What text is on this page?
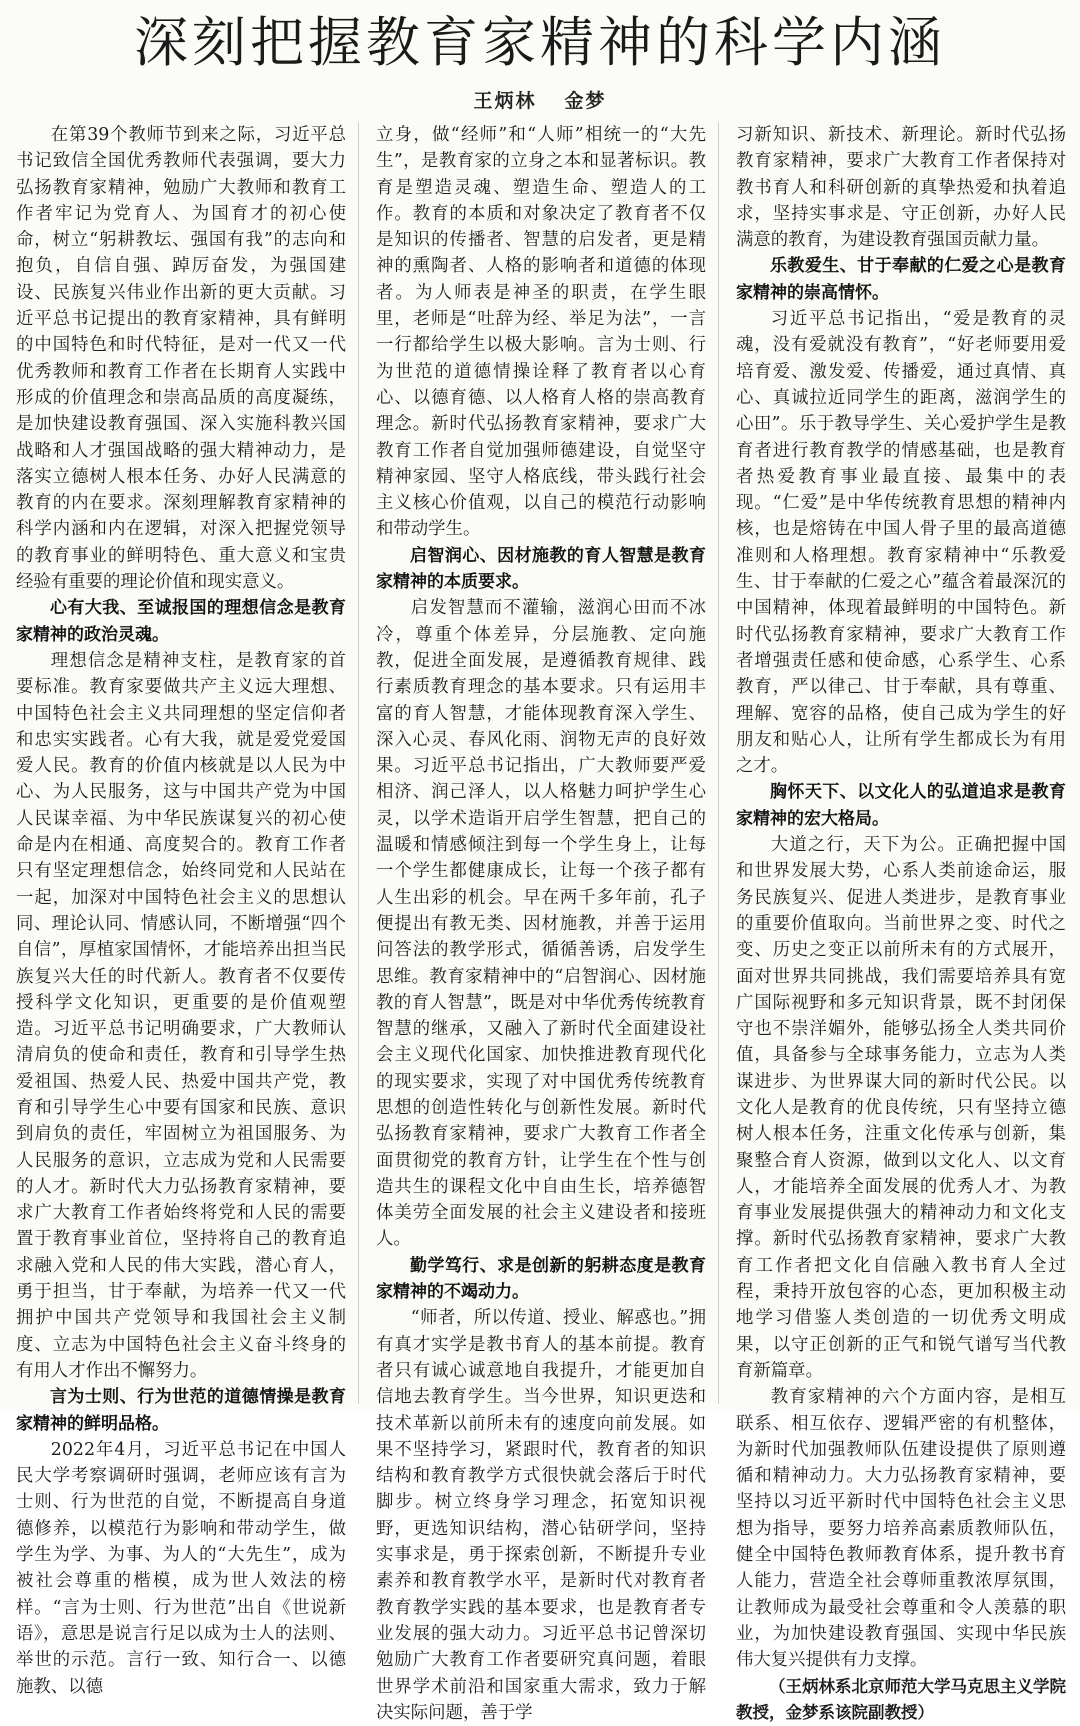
深刻把握教育家精神的科学内涵
王炳林 金梦

在第39个教师节到来之际，习近平总书记致信全国优秀教师代表强调，要大力弘扬教育家精神，勉励广大教师和教育工作者牢记为党育人、为国育才的初心使命，树立“躬耕教坛、强国有我”的志向和抱负，自信自强、踔厉奋发，为强国建设、民族复兴伟业作出新的更大贡献。习近平总书记提出的教育家精神，具有鲜明的中国特色和时代特征，是对一代又一代优秀教师和教育工作者在长期育人实践中形成的价值理念和崇高品质的高度凝练，是加快建设教育强国、深入实施科教兴国战略和人才强国战略的强大精神动力，是落实立德树人根本任务、办好人民满意的教育的内在要求。深刻理解教育家精神的科学内涵和内在逻辑，对深入把握党领导的教育事业的鲜明特色、重大意义和宝贵经验有重要的理论价值和现实意义。

心有大我、至诚报国的理想信念是教育家精神的政治灵魂。

理想信念是精神支柱，是教育家的首要标准。教育家要做共产主义远大理想、中国特色社会主义共同理想的坚定信仰者和忠实实践者。心有大我，就是爱党爱国爱人民。教育的价值内核就是以人民为中心、为人民服务，这与中国共产党为中国人民谋幸福、为中华民族谋复兴的初心使命是内在相通、高度契合的。教育工作者只有坚定理想信念，始终同党和人民站在一起，加深对中国特色社会主义的思想认同、理论认同、情感认同，不断增强“四个自信”，厚植家国情怀，才能培养出担当民族复兴大任的时代新人。教育者不仅要传授科学文化知识，更重要的是价值观塑造。习近平总书记明确要求，广大教师认清肩负的使命和责任，教育和引导学生热爱祖国、热爱人民、热爱中国共产党，教育和引导学生心中要有国家和民族、意识到肩负的责任，牢固树立为祖国服务、为人民服务的意识，立志成为党和人民需要的人才。新时代大力弘扬教育家精神，要求广大教育工作者始终将党和人民的需要置于教育事业首位，坚持将自己的教育追求融入党和人民的伟大实践，潜心育人，勇于担当，甘于奉献，为培养一代又一代拥护中国共产党领导和我国社会主义制度、立志为中国特色社会主义奋斗终身的有用人才作出不懈努力。

言为士则、行为世范的道德情操是教育家精神的鲜明品格。

2022年4月，习近平总书记在中国人民大学考察调研时强调，老师应该有言为士则、行为世范的自觉，不断提高自身道德修养，以模范行为影响和带动学生，做学生为学、为事、为人的“大先生”，成为被社会尊重的楷模，成为世人效法的榜样。“言为士则、行为世范”出自《世说新语》，意思是说言行足以成为士人的法则、举世的示范。言行一致、知行合一、以德施教、以德

立身，做“经师”和“人师”相统一的“大先生”，是教育家的立身之本和显著标识。教育是塑造灵魂、塑造生命、塑造人的工作。教育的本质和对象决定了教育者不仅是知识的传播者、智慧的启发者，更是精神的熏陶者、人格的影响者和道德的体现者。为人师表是神圣的职责，在学生眼里，老师是“吐辞为经、举足为法”，一言一行都给学生以极大影响。言为士则、行为世范的道德情操诠释了教育者以心育心、以德育德、以人格育人格的崇高教育理念。新时代弘扬教育家精神，要求广大教育工作者自觉加强师德建设，自觉坚守精神家园、坚守人格底线，带头践行社会主义核心价值观，以自己的模范行动影响和带动学生。

启智润心、因材施教的育人智慧是教育家精神的本质要求。

启发智慧而不灌输，滋润心田而不冰冷，尊重个体差异，分层施教、定向施教，促进全面发展，是遵循教育规律、践行素质教育理念的基本要求。只有运用丰富的育人智慧，才能体现教育深入学生、深入心灵、春风化雨、润物无声的良好效果。习近平总书记指出，广大教师要严爱相济、润己泽人，以人格魅力呵护学生心灵，以学术造诣开启学生智慧，把自己的温暖和情感倾注到每一个学生身上，让每一个学生都健康成长，让每一个孩子都有人生出彩的机会。早在两千多年前，孔子便提出有教无类、因材施教，并善于运用问答法的教学形式，循循善诱，启发学生思维。教育家精神中的“启智润心、因材施教的育人智慧”，既是对中华优秀传统教育智慧的继承，又融入了新时代全面建设社会主义现代化国家、加快推进教育现代化的现实要求，实现了对中国优秀传统教育思想的创造性转化与创新性发展。新时代弘扬教育家精神，要求广大教育工作者全面贯彻党的教育方针，让学生在个性与创造共生的课程文化中自由生长，培养德智体美劳全面发展的社会主义建设者和接班人。

勤学笃行、求是创新的躬耕态度是教育家精神的不竭动力。

“师者，所以传道、授业、解惑也。”拥有真才实学是教书育人的基本前提。教育者只有诚心诚意地自我提升，才能更加自信地去教育学生。当今世界，知识更迭和技术革新以前所未有的速度向前发展。如果不坚持学习，紧跟时代，教育者的知识结构和教育教学方式很快就会落后于时代脚步。树立终身学习理念，拓宽知识视野，更选知识结构，潜心钻研学问，坚持实事求是，勇于探索创新，不断提升专业素养和教育教学水平，是新时代对教育者教育教学实践的基本要求，也是教育者专业发展的强大动力。习近平总书记曾深切勉励广大教育工作者要研究真问题，着眼世界学术前沿和国家重大需求，致力于解决实际问题，善于学

习新知识、新技术、新理论。新时代弘扬教育家精神，要求广大教育工作者保持对教书育人和科研创新的真挚热爱和执着追求，坚持实事求是、守正创新，办好人民满意的教育，为建设教育强国贡献力量。

乐教爱生、甘于奉献的仁爱之心是教育家精神的崇高情怀。

习近平总书记指出，“爱是教育的灵魂，没有爱就没有教育”，“好老师要用爱培育爱、激发爱、传播爱，通过真情、真心、真诚拉近同学生的距离，滋润学生的心田”。乐于教导学生、关心爱护学生是教育者进行教育教学的情感基础，也是教育者热爱教育事业最直接、最集中的表现。“仁爱”是中华传统教育思想的精神内核，也是熔铸在中国人骨子里的最高道德准则和人格理想。教育家精神中“乐教爱生、甘于奉献的仁爱之心”蕴含着最深沉的中国精神，体现着最鲜明的中国特色。新时代弘扬教育家精神，要求广大教育工作者增强责任感和使命感，心系学生、心系教育，严以律己、甘于奉献，具有尊重、理解、宽容的品格，使自己成为学生的好朋友和贴心人，让所有学生都成长为有用之才。

胸怀天下、以文化人的弘道追求是教育家精神的宏大格局。

大道之行，天下为公。正确把握中国和世界发展大势，心系人类前途命运，服务民族复兴、促进人类进步，是教育事业的重要价值取向。当前世界之变、时代之变、历史之变正以前所未有的方式展开，面对世界共同挑战，我们需要培养具有宽广国际视野和多元知识背景，既不封闭保守也不崇洋媚外，能够弘扬全人类共同价值，具备参与全球事务能力，立志为人类谋进步、为世界谋大同的新时代公民。以文化人是教育的优良传统，只有坚持立德树人根本任务，注重文化传承与创新，集聚整合育人资源，做到以文化人、以文育人，才能培养全面发展的优秀人才、为教育事业发展提供强大的精神动力和文化支撑。新时代弘扬教育家精神，要求广大教育工作者把文化自信融入教书育人全过程，秉持开放包容的心态，更加积极主动地学习借鉴人类创造的一切优秀文明成果，以守正创新的正气和锐气谱写当代教育新篇章。

教育家精神的六个方面内容，是相互联系、相互依存、逻辑严密的有机整体，为新时代加强教师队伍建设提供了原则遵循和精神动力。大力弘扬教育家精神，要坚持以习近平新时代中国特色社会主义思想为指导，要努力培养高素质教师队伍，健全中国特色教师教育体系，提升教书育人能力，营造全社会尊师重教浓厚氛围，让教师成为最受社会尊重和令人羡慕的职业，为加快建设教育强国、实现中华民族伟大复兴提供有力支撑。

（王炳林系北京师范大学马克思主义学院教授，金梦系该院副教授）
